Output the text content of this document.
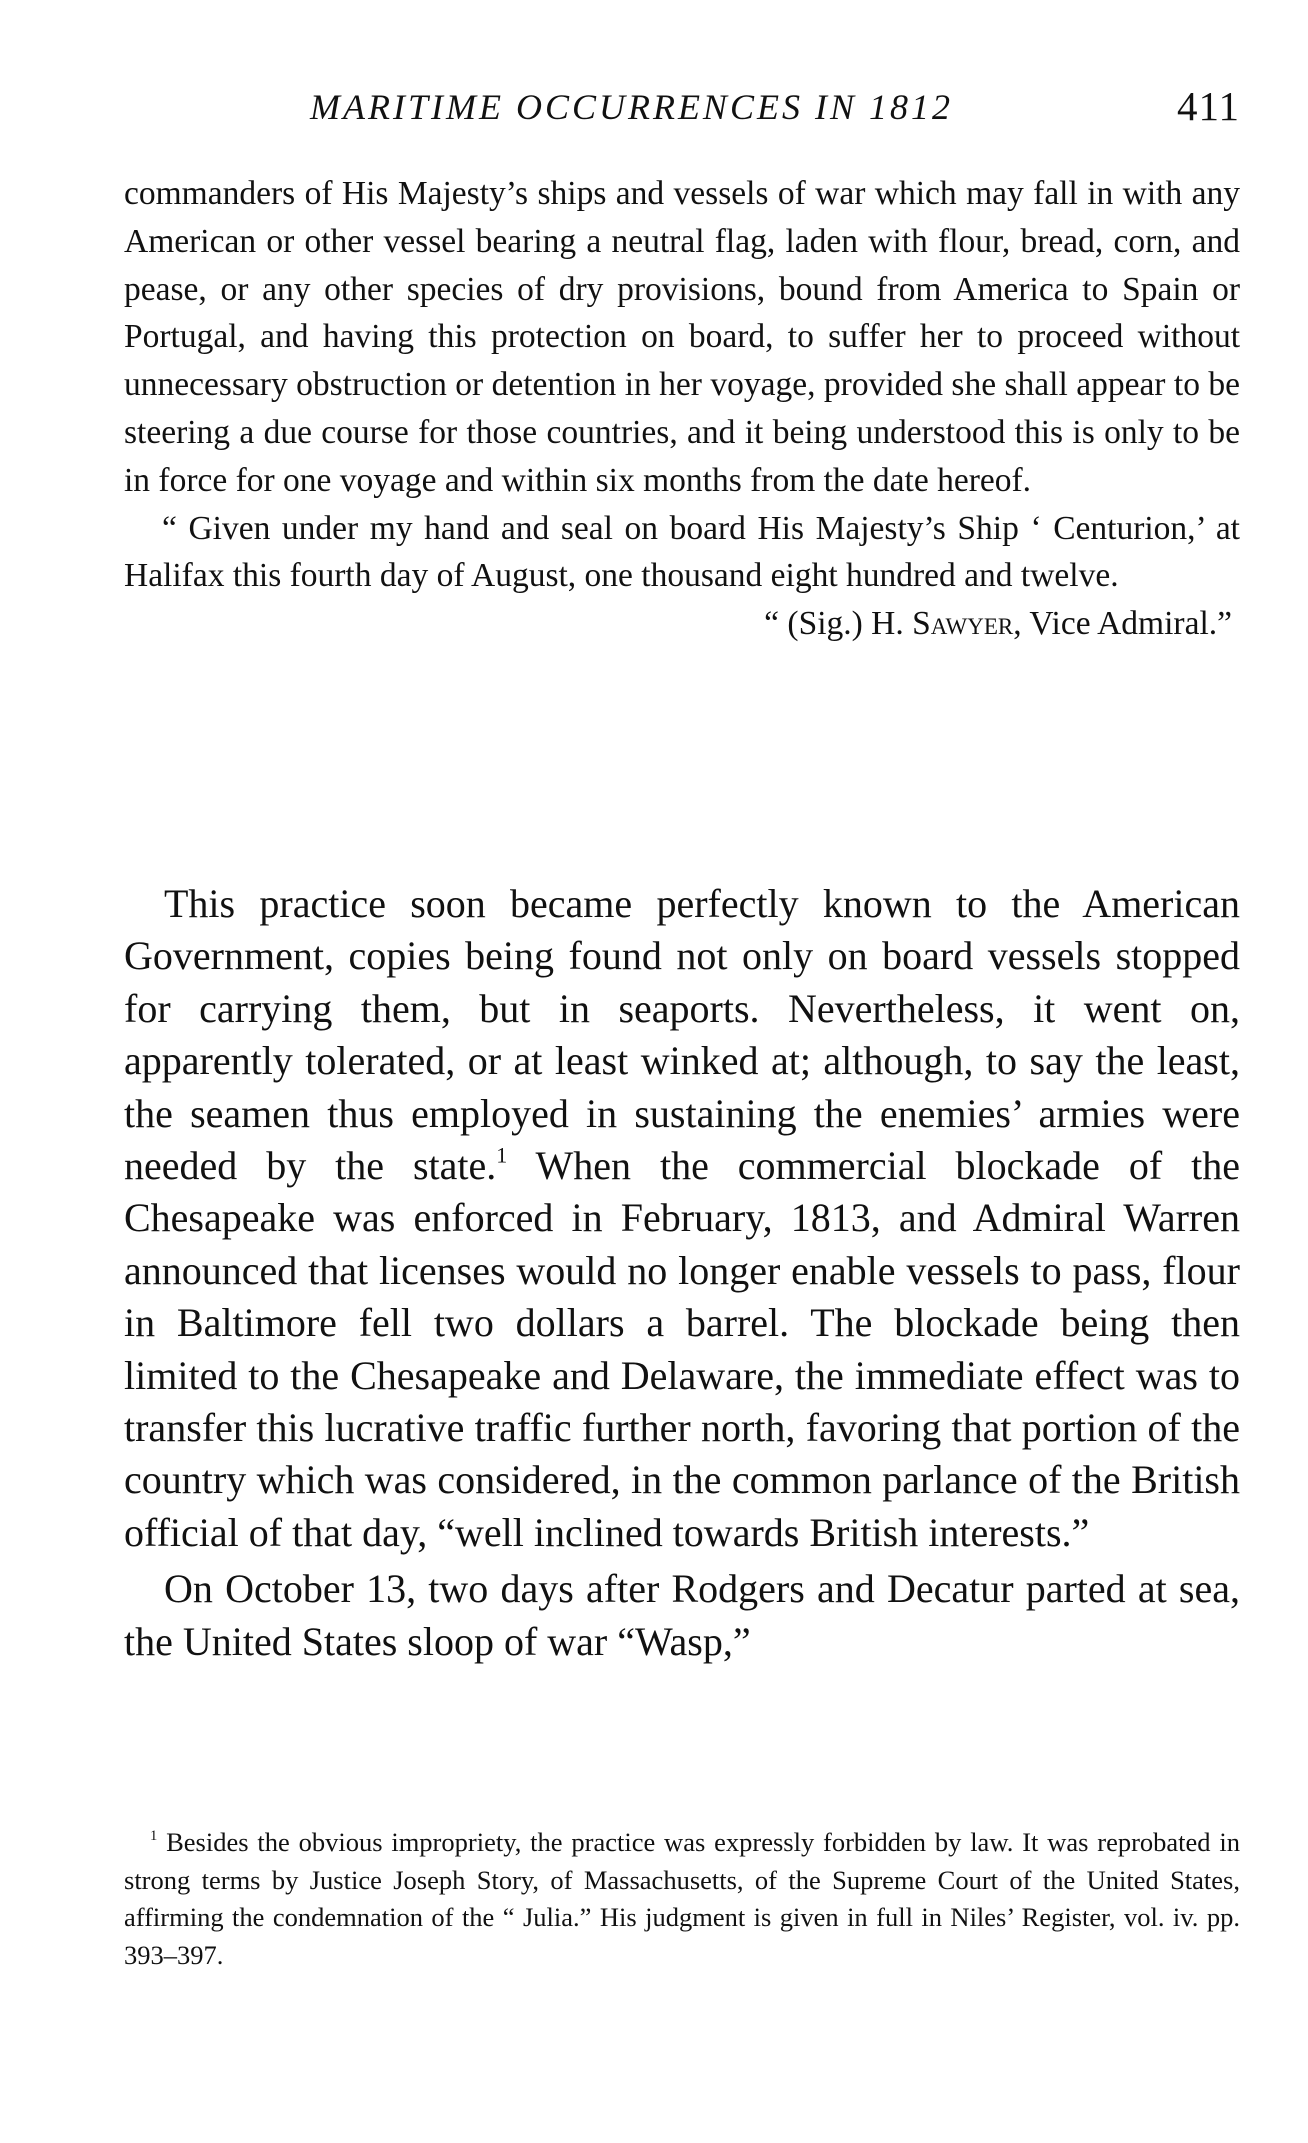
MARITIME OCCURRENCES IN 1812	411

commanders of His Majesty’s ships and vessels of war which may fall in with any American or other vessel bearing a neutral flag, laden with flour, bread, corn, and pease, or any other species of dry provisions, bound from America to Spain or Portugal, and having this protection on board, to suffer her to proceed without unnecessary obstruction or detention in her voyage, provided she shall appear to be steering a due course for those countries, and it being understood this is only to be in force for one voyage and within six months from the date hereof.

“ Given under my hand and seal on board His Majesty’s Ship ‘ Centurion,’ at Halifax this fourth day of August, one thousand eight hundred and twelve.

“ (Sig.) H. Sawyer, Vice Admiral.”

This practice soon became perfectly known to the American Government, copies being found not only on board vessels stopped for carrying them, but in seaports. Nevertheless, it went on, apparently tolerated, or at least winked at; although, to say the least, the seamen thus employed in sustaining the enemies’ armies were needed by the state.$^1$ When the commercial blockade of the Chesapeake was enforced in February, 1813, and Admiral Warren announced that licenses would no longer enable vessels to pass, flour in Baltimore fell two dollars a barrel. The blockade being then limited to the Chesapeake and Delaware, the immediate effect was to transfer this lucrative traffic further north, favoring that portion of the country which was considered, in the common parlance of the British official of that day, “well inclined towards British interests.”

On October 13, two days after Rodgers and Decatur parted at sea, the United States sloop of war “Wasp,”

$^1$ Besides the obvious impropriety, the practice was expressly forbidden by law. It was reprobated in strong terms by Justice Joseph Story, of Massachusetts, of the Supreme Court of the United States, affirming the condemnation of the “ Julia.” His judgment is given in full in Niles’ Register, vol. iv. pp. 393–397.
